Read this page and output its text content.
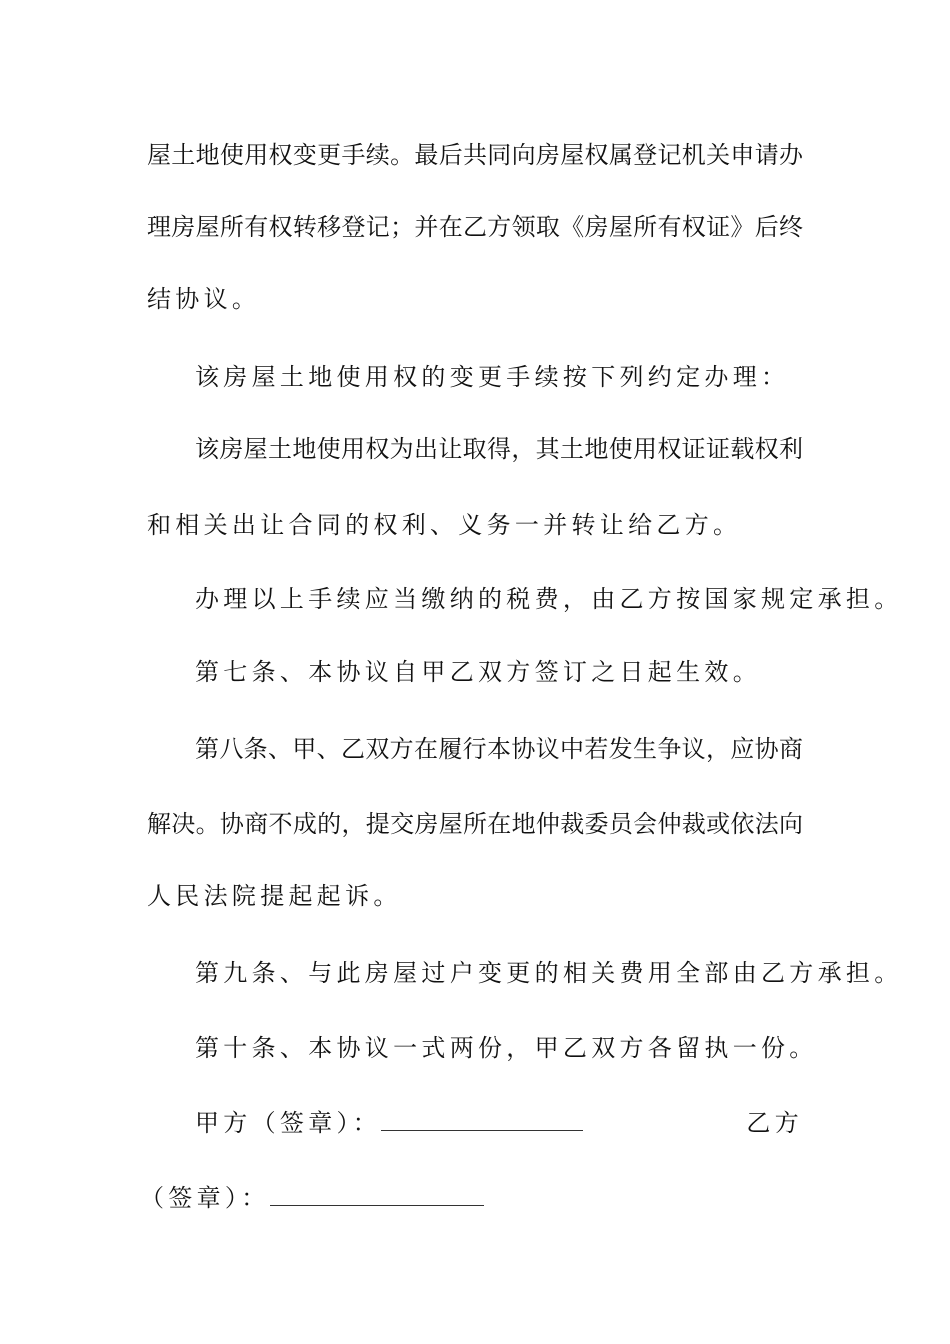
屋土地使用权变更手续。最后共同向房屋权属登记机关申请办
理房屋所有权转移登记；并在乙方领取《房屋所有权证》后终
结协议。
该房屋土地使用权的变更手续按下列约定办理：
该房屋土地使用权为出让取得，其土地使用权证证载权利
和相关出让合同的权利、义务一并转让给乙方。
办理以上手续应当缴纳的税费，由乙方按国家规定承担。
第七条、本协议自甲乙双方签订之日起生效。
第八条、甲、乙双方在履行本协议中若发生争议，应协商
解决。协商不成的，提交房屋所在地仲裁委员会仲裁或依法向
人民法院提起起诉。
第九条、与此房屋过户变更的相关费用全部由乙方承担。
第十条、本协议一式两份，甲乙双方各留执一份。
甲方（签章）：	乙方
（签章）：
